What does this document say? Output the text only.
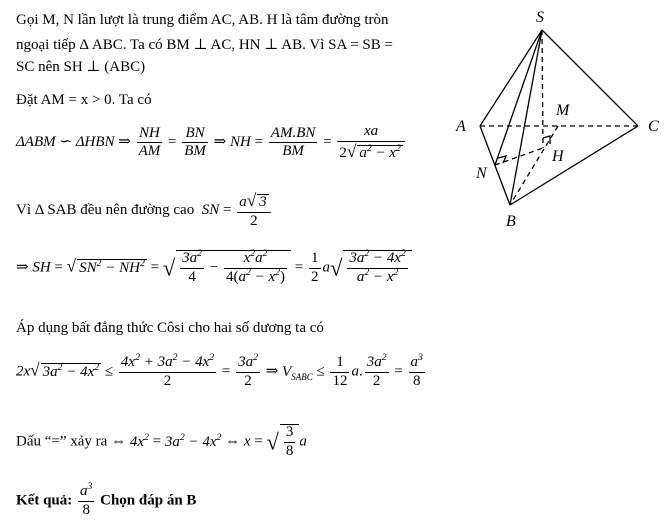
Gọi M, N lần lượt là trung điểm AC, AB. H là tâm đường tròn
ngoại tiếp Δ ABC. Ta có BM ⊥ AC, HN ⊥ AB. Vì SA = SB =
SC nên SH ⊥ (ABC)
Đặt AM = x > 0. Ta có
ΔABM ∽ ΔHBN ⇒ $\frac{NH}{AM} = \frac{BN}{BM}$ ⇒ NH = $\frac{AM.BN}{BM} = \frac{xa}{2√ a^2 - x^2}$
Vì Δ SAB đều nên đường cao SN = $\frac{a√ 3}{2}$
⇒ SH = √ $SN^2 - NH^2$ = √ $\frac{3a^2}{4} - \frac{x^2a^2}{4(a^2 - x^2)} = \frac{1}{2} a√ \frac{3a^2 - 4x^2}{a^2 - x^2}$
Áp dụng bất đẳng thức Côsi cho hai số dương ta có
2x√ $3a^2 - 4x^2 \le \frac{4x^2 + 3a^2 - 4x^2}{2} = \frac{3a^2}{2}$ ⇒ $V_{SABC} \le \frac{1}{12} a$. $\frac{3a^2}{2} = \frac{a^3}{8}$
Dấu “=” xảy ra ⇔ $4x^2 = 3a^2 - 4x^2$ ⇔ x = √ $\frac{3}{8}$ a
Kết quả: $\frac{a^3}{8}$ Chọn đáp án B
S
A	C
M
H
N
B
